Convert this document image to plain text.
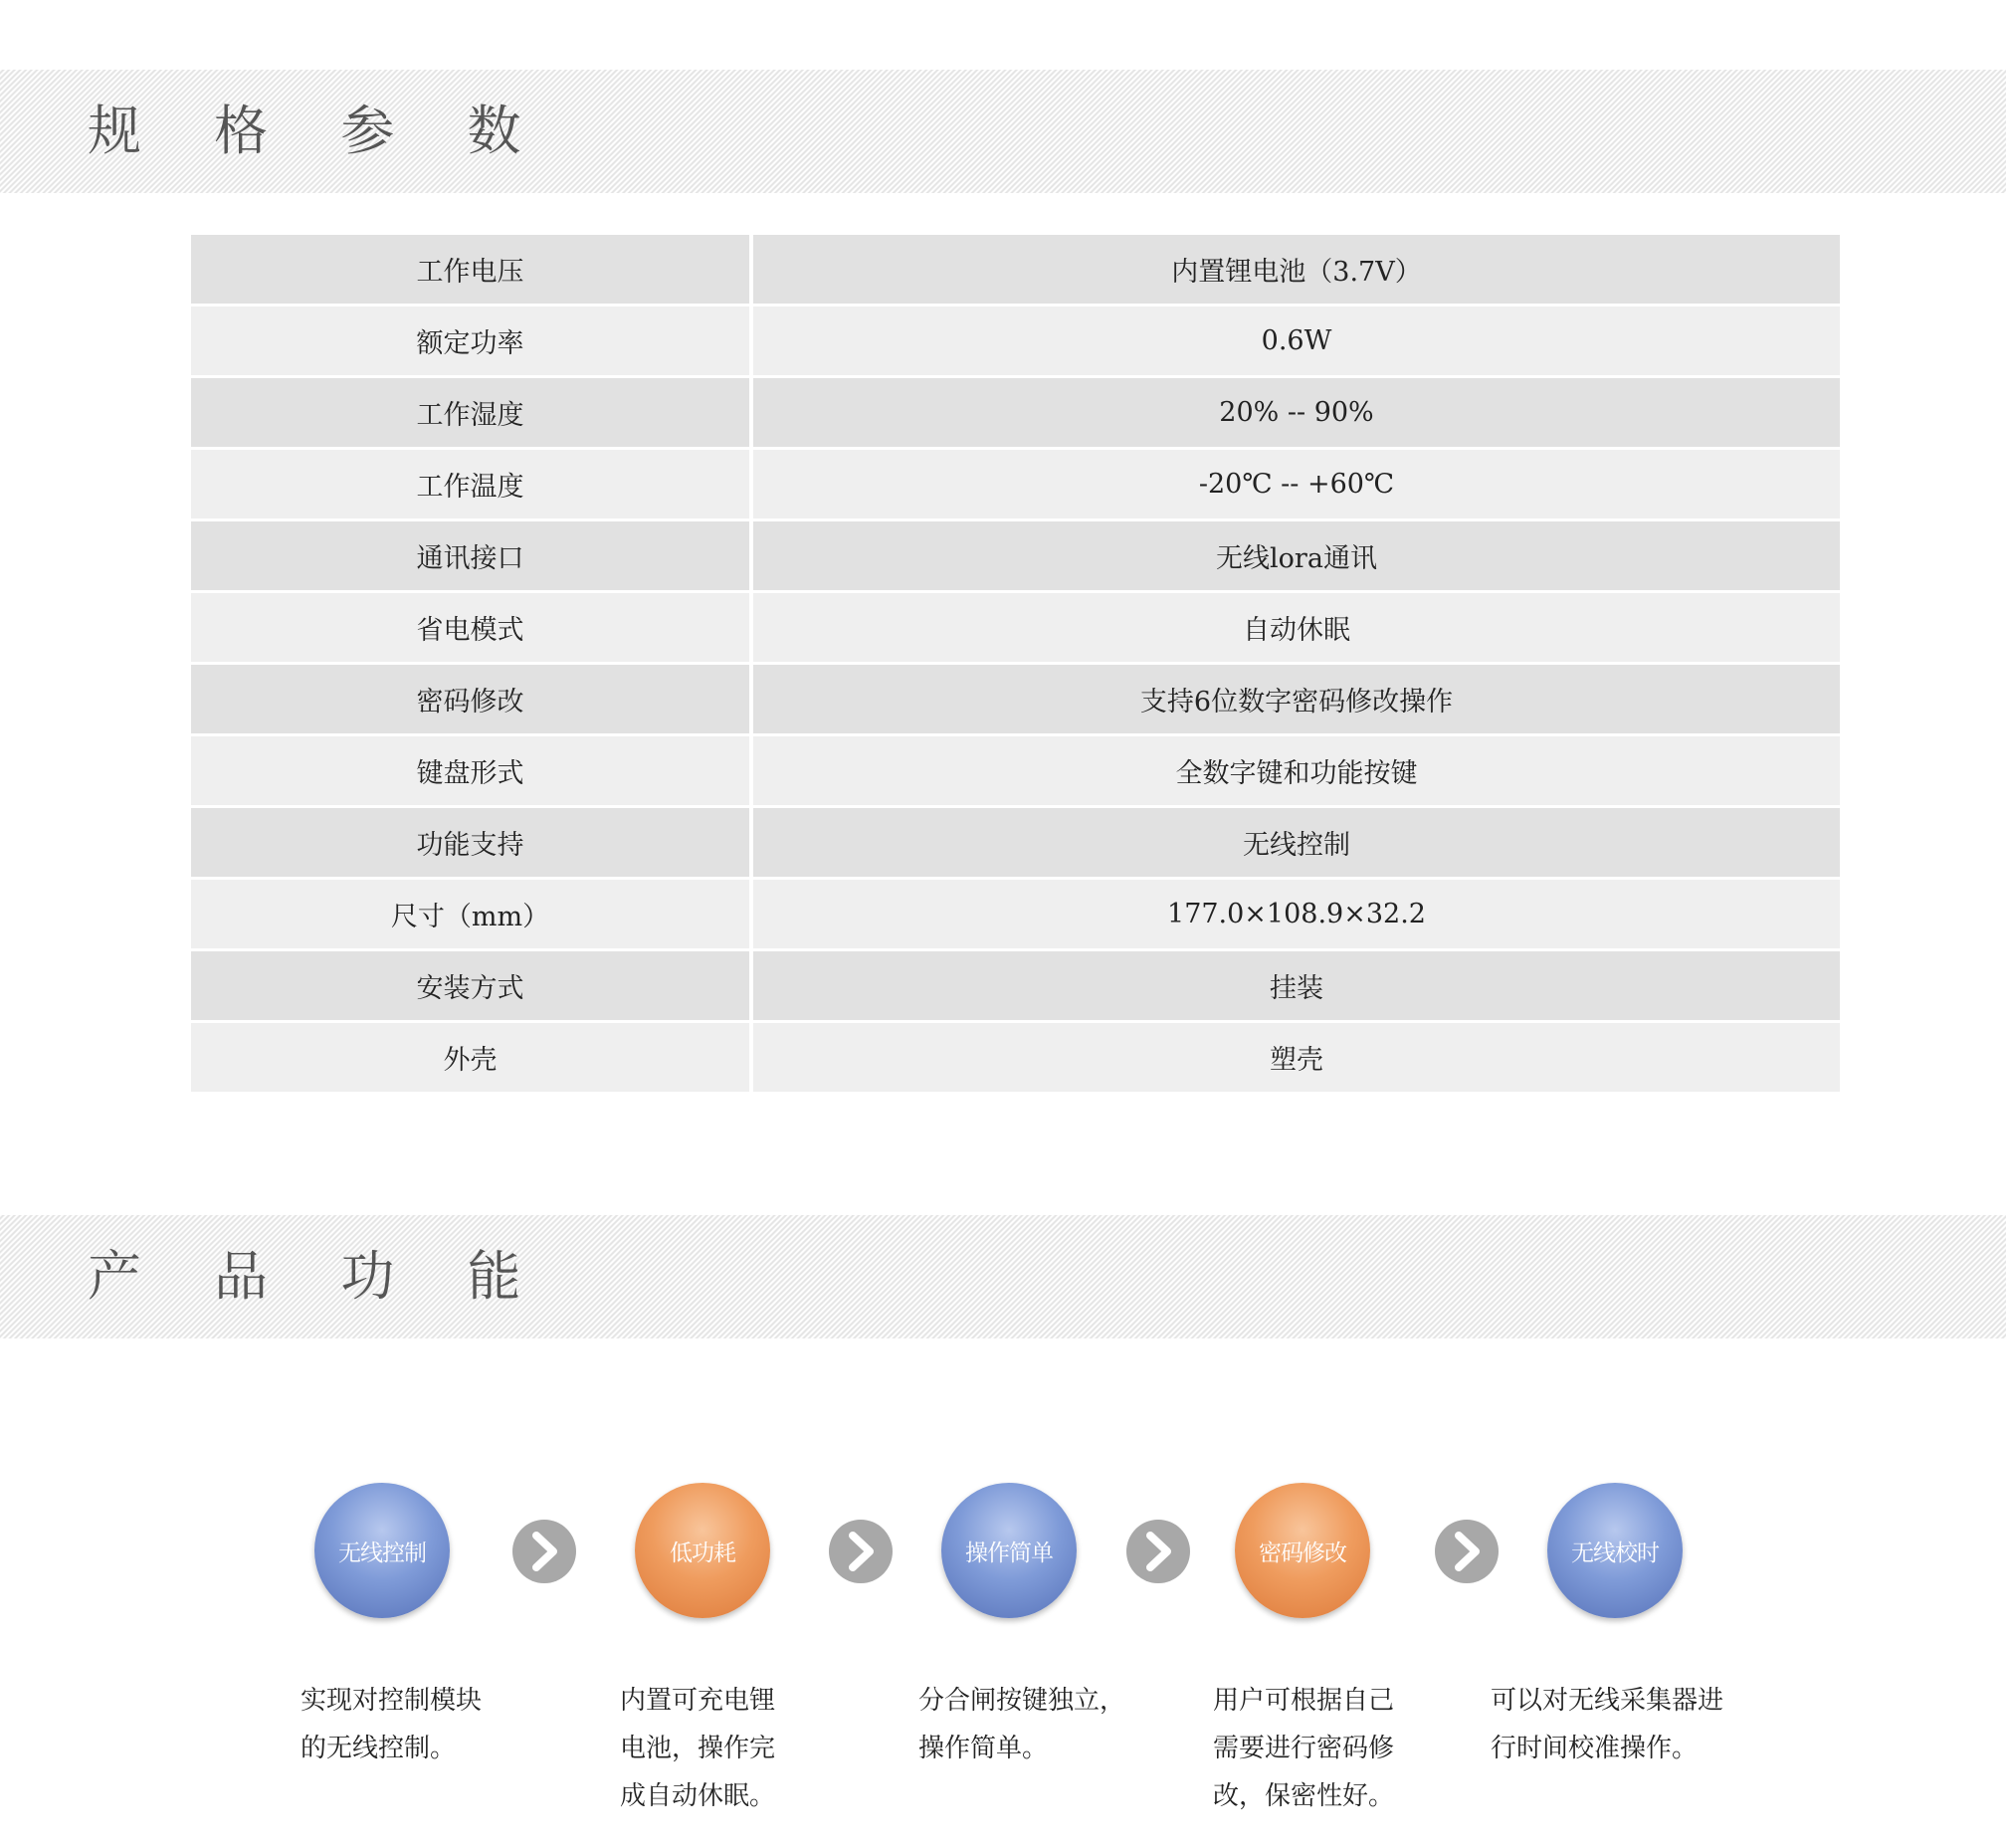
规 格 参 数
工作电压	内置锂电池（3.7V）
额定功率	0.6W
工作湿度	20% -- 90%
工作温度	-20℃ -- +60℃
通讯接口	无线lora通讯
省电模式	自动休眠
密码修改	支持6位数字密码修改操作
键盘形式	全数字键和功能按键
功能支持	无线控制
尺寸（mm）	177.0×108.9×32.2
安装方式	挂装
外壳	塑壳
产 品 功 能
无线控制	低功耗	操作简单	密码修改	无线校时
实现对控制模块
的无线控制。
内置可充电锂
电池，操作完
成自动休眠。
分合闸按键独立，
操作简单。
用户可根据自己
需要进行密码修
改，保密性好。
可以对无线采集器进
行时间校准操作。
